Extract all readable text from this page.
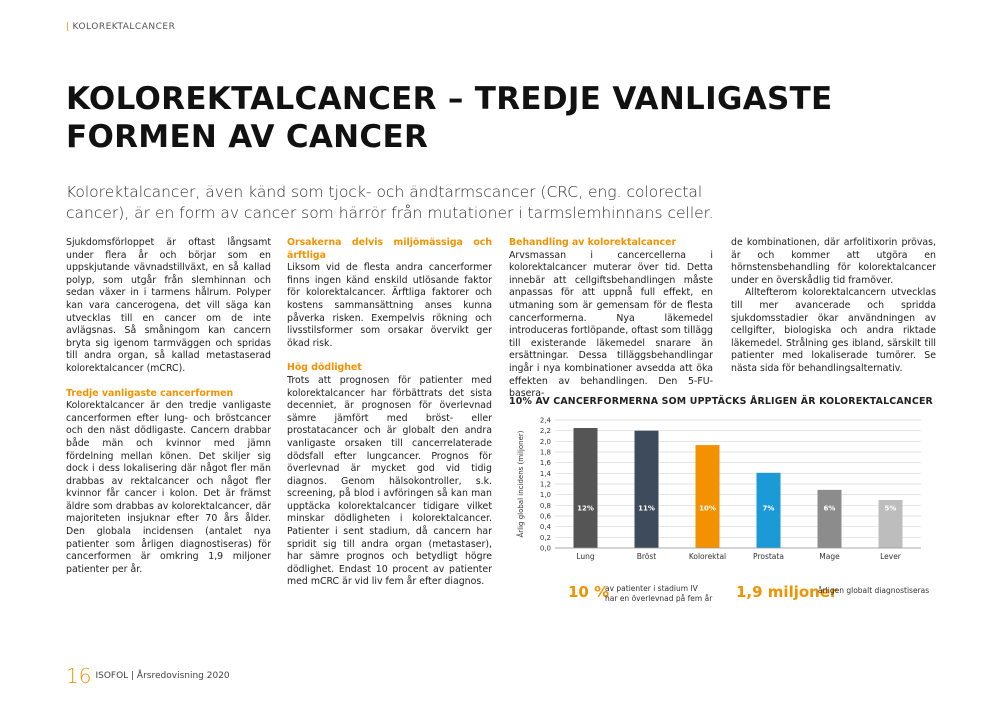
| KOLOREKTALCANCER
KOLOREKTALCANCER – TREDJE VANLIGASTE FORMEN AV CANCER

Kolorektalcancer, även känd som tjock- och ändtarmscancer (CRC, eng. colorectal cancer), är en form av cancer som härrör från mutationer i tarmslemhinnans celler.

Sjukdomsförloppet är oftast långsamt under flera år och börjar som en uppskjutande vävnadstillväxt, en så kallad polyp, som utgår från slemhinnan och sedan växer in i tarmens hålrum. Polyper kan vara cancerogena, det vill säga kan utvecklas till en cancer om de inte avlägsnas. Så småningom kan cancern bryta sig igenom tarmväggen och spridas till andra organ, så kallad metastaserad kolorektalcancer (mCRC).

Tredje vanligaste cancerformen

Kolorektalcancer är den tredje vanligaste cancerformen efter lung- och bröstcancer och den näst dödligaste. Cancern drabbar både män och kvinnor med jämn fördelning mellan könen. Det skiljer sig dock i dess lokalisering där något fler män drabbas av rektalcancer och något fler kvinnor får cancer i kolon. Det är främst äldre som drabbas av kolorektalcancer, där majoriteten insjuknar efter 70 års ålder. Den globala incidensen (antalet nya patienter som årligen diagnostiseras) för cancerformen är omkring 1,9 miljoner patienter per år.

Orsakerna delvis miljömässiga och ärftliga

Liksom vid de flesta andra cancerformer finns ingen känd enskild utlösande faktor för kolorektalcancer. Ärftliga faktorer och kostens sammansättning anses kunna påverka risken. Exempelvis rökning och livsstilsformer som orsakar övervikt ger ökad risk.

Hög dödlighet

Trots att prognosen för patienter med kolorektalcancer har förbättrats det sista decenniet, är prognosen för överlevnad sämre jämfört med bröst- eller prostatacancer och är globalt den andra vanligaste orsaken till cancerrelaterade dödsfall efter lungcancer. Prognos för överlevnad är mycket god vid tidig diagnos. Genom hälsokontroller, s.k. screening, på blod i avföringen så kan man upptäcka kolorektalcancer tidigare vilket minskar dödligheten i kolorektalcancer. Patienter i sent stadium, då cancern har spridit sig till andra organ (metastaser), har sämre prognos och betydligt högre dödlighet. Endast 10 procent av patienter med mCRC är vid liv fem år efter diagnos.

Behandling av kolorektalcancer

Arvsmassan i cancercellerna i kolorektalcancer muterar över tid. Detta innebär att cellgiftsbehandlingen måste anpassas för att uppnå full effekt, en utmaning som är gemensam för de flesta cancerformerna. Nya läkemedel introduceras fortlöpande, oftast som tillägg till existerande läkemedel snarare än ersättningar. Dessa tilläggsbehandlingar ingår i nya kombinationer avsedda att öka effekten av behandlingen. Den 5-FU-basera-

de kombinationen, där arfolitixorin prövas, är och kommer att utgöra en hörnstensbehandling för kolorektalcancer under en överskådlig tid framöver.

Alltefterom kolorektalcancern utvecklas till mer avancerade och spridda sjukdomsstadier ökar användningen av cellgifter, biologiska och andra riktade läkemedel. Strålning ges ibland, särskilt till patienter med lokaliserade tumörer. Se nästa sida för behandlingsalternativ.

10% AV CANCERFORMERNA SOM UPPTÄCKS ÅRLIGEN ÄR KOLOREKTALCANCER
0,0
0,2
0,4
0,6
0,8
1,0
1,2
1,4
1,6
1,8
2,0
2,2
2,4
Årlig global incidens (miljoner)	12%
Lung
11%
Bröst
10%
Kolorektal
7%
Prostata
6%
Mage
5%
Lever
10 %
av patienter i stadium IV
har en överlevnad på fem år 1,9 miljoner
årligen globalt diagnostiseras
16 ISOFOL | Årsredovisning 2020
